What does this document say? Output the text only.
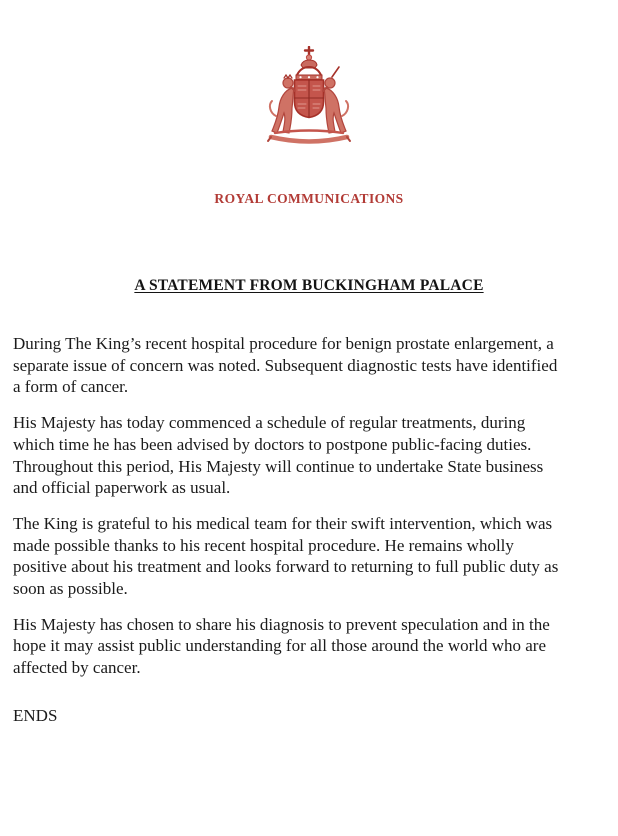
ROYAL COMMUNICATIONS
A STATEMENT FROM BUCKINGHAM PALACE

During The King’s recent hospital procedure for benign prostate enlargement, a
separate issue of concern was noted. Subsequent diagnostic tests have identified
a form of cancer.

His Majesty has today commenced a schedule of regular treatments, during
which time he has been advised by doctors to postpone public-facing duties.
Throughout this period, His Majesty will continue to undertake State business
and official paperwork as usual.

The King is grateful to his medical team for their swift intervention, which was
made possible thanks to his recent hospital procedure. He remains wholly
positive about his treatment and looks forward to returning to full public duty as
soon as possible.

His Majesty has chosen to share his diagnosis to prevent speculation and in the
hope it may assist public understanding for all those around the world who are
affected by cancer.

ENDS
